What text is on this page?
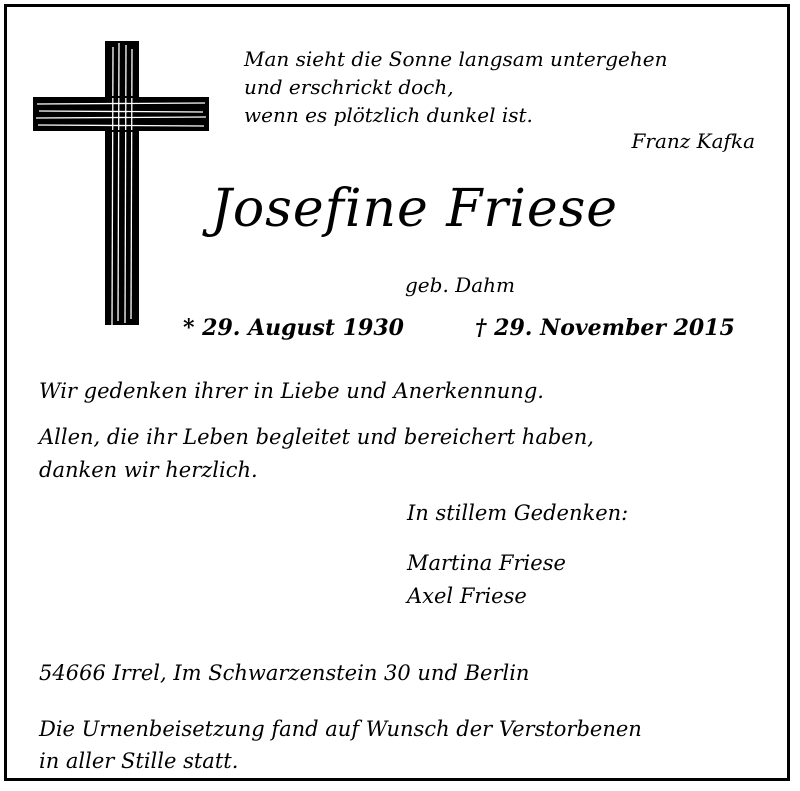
Man sieht die Sonne langsam untergehen
und erschrickt doch,
wenn es plötzlich dunkel ist.
Franz Kafka
Josefine Friese
geb. Dahm
* 29. August 1930	† 29. November 2015
Wir gedenken ihrer in Liebe und Anerkennung.
Allen, die ihr Leben begleitet und bereichert haben,
danken wir herzlich.
In stillem Gedenken:
Martina Friese
Axel Friese
54666 Irrel, Im Schwarzenstein 30 und Berlin
Die Urnenbeisetzung fand auf Wunsch der Verstorbenen
in aller Stille statt.
